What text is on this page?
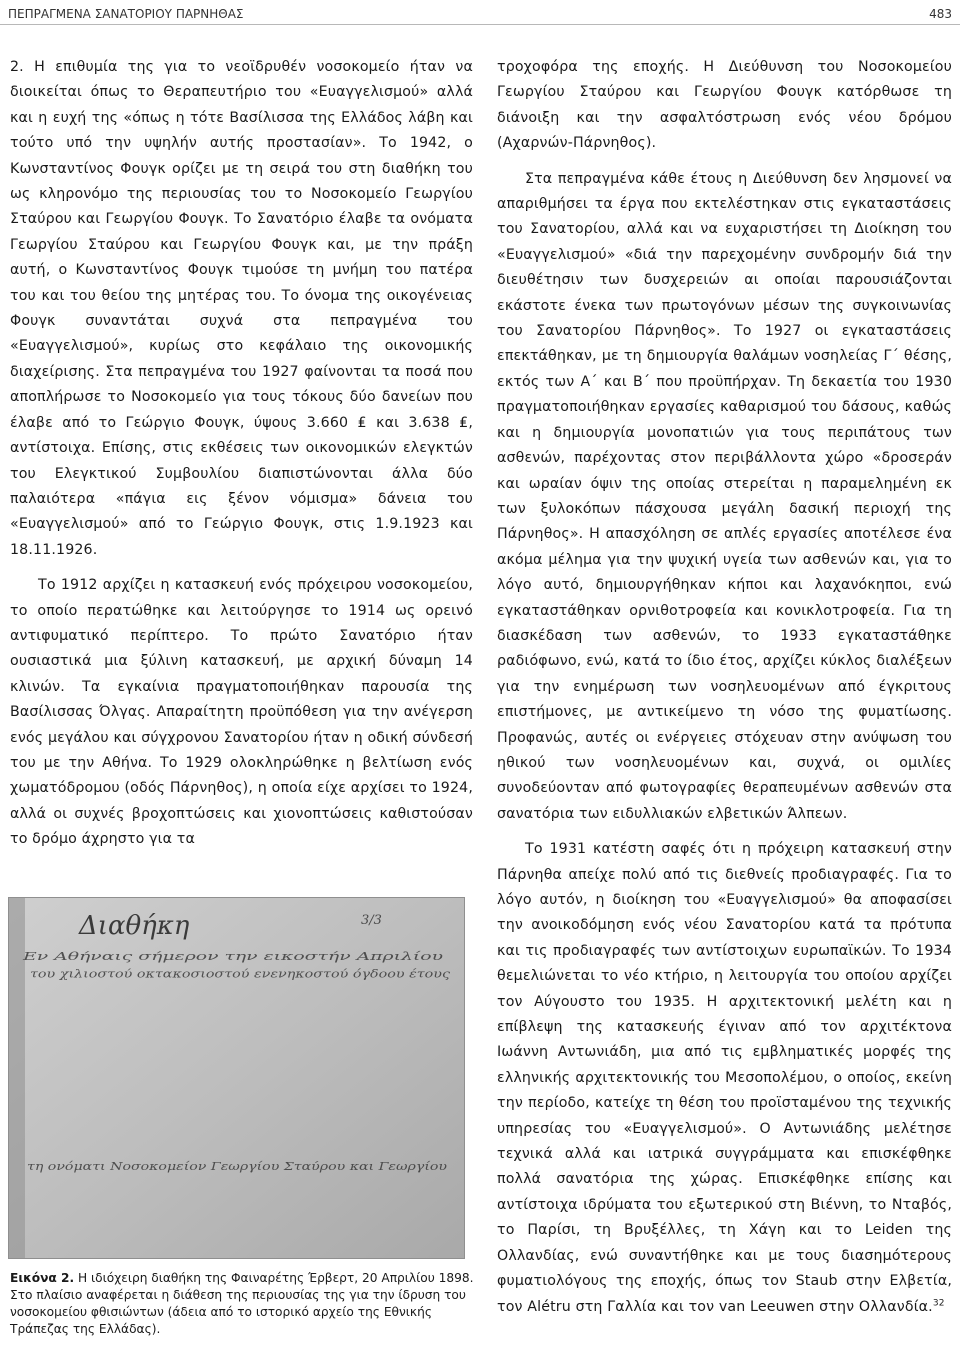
ΠΕΠΡΑΓΜΕΝΑ ΣΑΝΑΤΟΡΙΟΥ ΠΑΡΝΗΘΑΣ	483

2. Η επιθυμία της για το νεοϊδρυθέν νοσοκομείο ήταν να διοικείται όπως το Θεραπευτήριο του «Ευαγγελισμού» αλλά και η ευχή της «όπως η τότε Βασίλισσα της Ελλάδος λάβη και τούτο υπό την υψηλήν αυτής προστασίαν». Το 1942, ο Κωνσταντίνος Φουγκ ορίζει με τη σειρά του στη διαθήκη του ως κληρονόμο της περιουσίας του το Νοσοκομείο Γεωργίου Σταύρου και Γεωργίου Φουγκ. Το Σανατόριο έλαβε τα ονόματα Γεωργίου Σταύρου και Γεωργίου Φουγκ και, με την πράξη αυτή, ο Κωνσταντίνος Φουγκ τιμούσε τη μνήμη του πατέρα του και του θείου της μητέρας του. Το όνομα της οικογένειας Φουγκ συναντάται συχνά στα πεπραγμένα του «Ευαγγελισμού», κυρίως στο κεφάλαιο της οικονομικής διαχείρισης. Στα πεπραγμένα του 1927 φαίνονται τα ποσά που αποπλήρωσε το Νοσοκομείο για τους τόκους δύο δανείων που έλαβε από το Γεώργιο Φουγκ, ύψους 3.660 ₤ και 3.638 ₤, αντίστοιχα. Επίσης, στις εκθέσεις των οικονομικών ελεγκτών του Ελεγκτικού Συμβουλίου διαπιστώνονται άλλα δύο παλαιότερα «πάγια εις ξένον νόμισμα» δάνεια του «Ευαγγελισμού» από το Γεώργιο Φουγκ, στις 1.9.1923 και 18.11.1926.

Το 1912 αρχίζει η κατασκευή ενός πρόχειρου νοσοκομείου, το οποίο περατώθηκε και λειτούργησε το 1914 ως ορεινό αντιφυματικό περίπτερο. Το πρώτο Σανατόριο ήταν ουσιαστικά μια ξύλινη κατασκευή, με αρχική δύναμη 14 κλινών. Τα εγκαίνια πραγματοποιήθηκαν παρουσία της Βασίλισσας Όλγας. Απαραίτητη προϋπόθεση για την ανέγερση ενός μεγάλου και σύγχρονου Σανατορίου ήταν η οδική σύνδεσή του με την Αθήνα. Το 1929 ολοκληρώθηκε η βελτίωση ενός χωματόδρομου (οδός Πάρνηθος), η οποία είχε αρχίσει το 1924, αλλά οι συχνές βροχοπτώσεις και χιονοπτώσεις καθιστούσαν το δρόμο άχρηστο για τα

τροχοφόρα της εποχής. Η Διεύθυνση του Νοσοκομείου Γεωργίου Σταύρου και Γεωργίου Φουγκ κατόρθωσε τη διάνοιξη και την ασφαλτόστρωση ενός νέου δρόμου (Αχαρνών-Πάρνηθος).

Στα πεπραγμένα κάθε έτους η Διεύθυνση δεν λησμονεί να απαριθμήσει τα έργα που εκτελέστηκαν στις εγκαταστάσεις του Σανατορίου, αλλά και να ευχαριστήσει τη Διοίκηση του «Ευαγγελισμού» «διά την παρεχομένην συνδρομήν διά την διευθέτησιν των δυσχερειών αι οποίαι παρουσιάζονται εκάστοτε ένεκα των πρωτογόνων μέσων της συγκοινωνίας του Σανατορίου Πάρνηθος». Το 1927 οι εγκαταστάσεις επεκτάθηκαν, με τη δημιουργία θαλάμων νοσηλείας Γ΄ θέσης, εκτός των Α΄ και Β΄ που προϋπήρχαν. Τη δεκαετία του 1930 πραγματοποιήθηκαν εργασίες καθαρισμού του δάσους, καθώς και η δημιουργία μονοπατιών για τους περιπάτους των ασθενών, παρέχοντας στον περιβάλλοντα χώρο «δροσεράν και ωραίαν όψιν της οποίας στερείται η παραμελημένη εκ των ξυλοκόπων πάσχουσα μεγάλη δασική περιοχή της Πάρνηθος». Η απασχόληση σε απλές εργασίες αποτέλεσε ένα ακόμα μέλημα για την ψυχική υγεία των ασθενών και, για το λόγο αυτό, δημιουργήθηκαν κήποι και λαχανόκηποι, ενώ εγκαταστάθηκαν ορνιθοτροφεία και κονικλοτροφεία. Για τη διασκέδαση των ασθενών, το 1933 εγκαταστάθηκε ραδιόφωνο, ενώ, κατά το ίδιο έτος, αρχίζει κύκλος διαλέξεων για την ενημέρωση των νοσηλευομένων από έγκριτους επιστήμονες, με αντικείμενο τη νόσο της φυματίωσης. Προφανώς, αυτές οι ενέργειες στόχευαν στην ανύψωση του ηθικού των νοσηλευομένων και, συχνά, οι ομιλίες συνοδεύονταν από φωτογραφίες θεραπευμένων ασθενών στα σανατόρια των ειδυλλιακών ελβετικών Άλπεων.

Το 1931 κατέστη σαφές ότι η πρόχειρη κατασκευή στην Πάρνηθα απείχε πολύ από τις διεθνείς προδιαγραφές. Για το λόγο αυτόν, η διοίκηση του «Ευαγγελισμού» θα αποφασίσει την ανοικοδόμηση ενός νέου Σανατορίου κατά τα πρότυπα και τις προδιαγραφές των αντίστοιχων ευρωπαϊκών. Το 1934 θεμελιώνεται το νέο κτήριο, η λειτουργία του οποίου αρχίζει τον Αύγουστο του 1935. Η αρχιτεκτονική μελέτη και η επίβλεψη της κατασκευής έγιναν από τον αρχιτέκτονα Ιωάννη Αντωνιάδη, μια από τις εμβληματικές μορφές της ελληνικής αρχιτεκτονικής του Μεσοπολέμου, ο οποίος, εκείνη την περίοδο, κατείχε τη θέση του προϊσταμένου της τεχνικής υπηρεσίας του «Ευαγγελισμού». Ο Αντωνιάδης μελέτησε τεχνικά αλλά και ιατρικά συγγράμματα και επισκέφθηκε πολλά σανατόρια της χώρας. Επισκέφθηκε επίσης και αντίστοιχα ιδρύματα του εξωτερικού στη Βιέννη, το Νταβός, το Παρίσι, τη Βρυξέλλες, τη Χάγη και το Leiden της Ολλανδίας, ενώ συναντήθηκε και με τους διασημότερους φυματιολόγους της εποχής, όπως τον Staub στην Ελβετία, τον Alétru στη Γαλλία και τον van Leeuwen στην Ολλανδία.$^{32}$

Διαθήκη	3/3
Εν Αθήναις σήμερον την εικοστήν Απριλίου
του χιλιοστού οκτακοσιοστού ενενηκοστού όγδοου έτους
τη ονόματι Νοσοκομείον Γεωργίου Σταύρου και Γεωργίου
Εικόνα 2. Η ιδιόχειρη διαθήκη της Φαιναρέτης Έρβερτ, 20 Απριλίου 1898. Στο πλαίσιο αναφέρεται η διάθεση της περιουσίας της για την ίδρυση του νοσοκομείου φθισιώντων (άδεια από το ιστορικό αρχείο της Εθνικής Τράπεζας της Ελλάδας).
